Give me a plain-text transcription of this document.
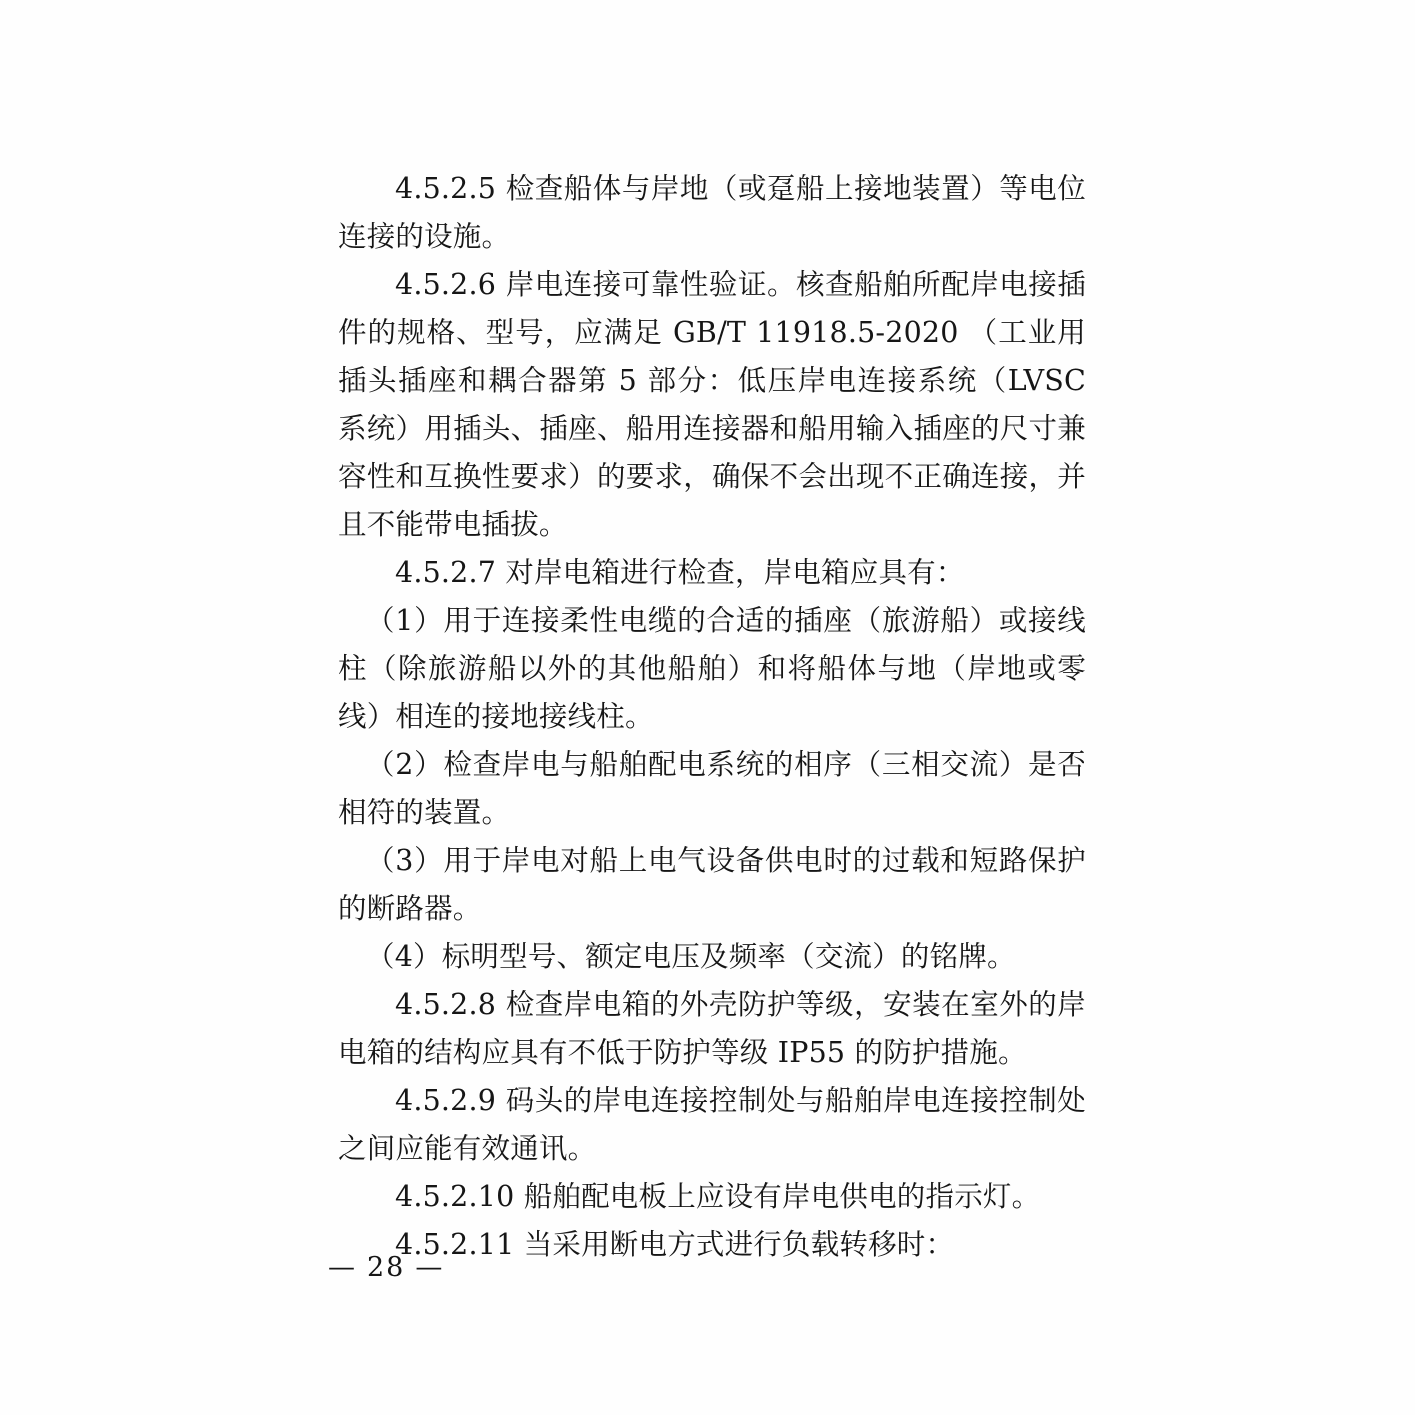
4.5.2.5 检查船体与岸地（或趸船上接地装置）等电位连接的设施。

4.5.2.6 岸电连接可靠性验证。核查船舶所配岸电接插件的规格、型号，应满足 GB/T 11918.5-2020 （工业用插头插座和耦合器第 5 部分：低压岸电连接系统（LVSC 系统）用插头、插座、船用连接器和船用输入插座的尺寸兼容性和互换性要求）的要求，确保不会出现不正确连接，并且不能带电插拔。

4.5.2.7 对岸电箱进行检查，岸电箱应具有：

（1）用于连接柔性电缆的合适的插座（旅游船）或接线柱（除旅游船以外的其他船舶）和将船体与地（岸地或零线）相连的接地接线柱。

（2）检查岸电与船舶配电系统的相序（三相交流）是否相符的装置。

（3）用于岸电对船上电气设备供电时的过载和短路保护的断路器。

（4）标明型号、额定电压及频率（交流）的铭牌。

4.5.2.8 检查岸电箱的外壳防护等级，安装在室外的岸电箱的结构应具有不低于防护等级 IP55 的防护措施。

4.5.2.9 码头的岸电连接控制处与船舶岸电连接控制处之间应能有效通讯。

4.5.2.10 船舶配电板上应设有岸电供电的指示灯。

4.5.2.11 当采用断电方式进行负载转移时：

— 28 —
